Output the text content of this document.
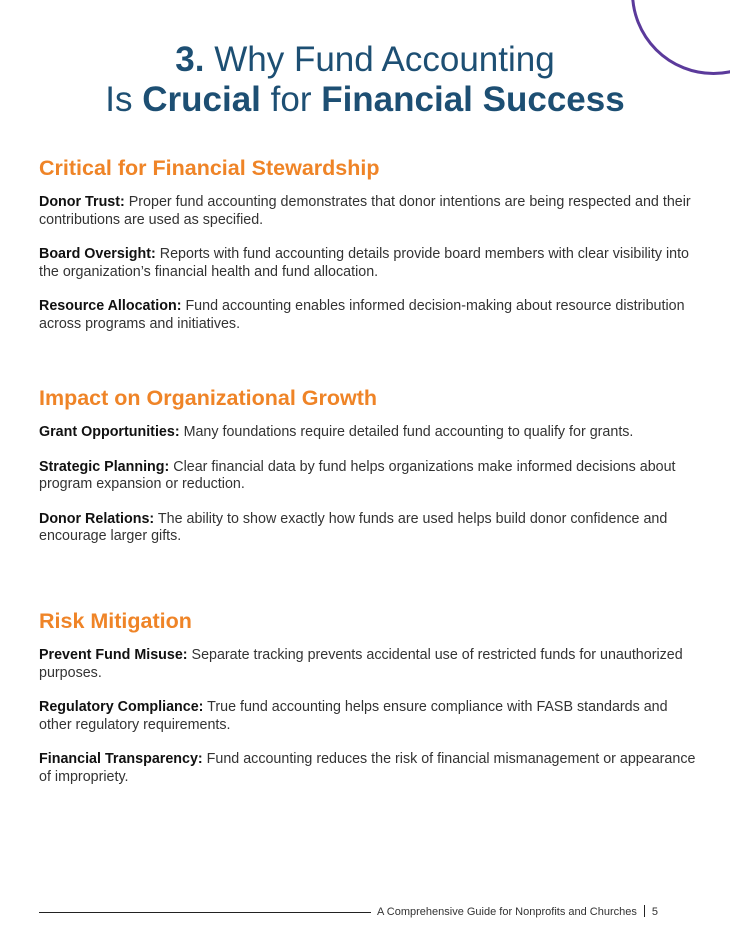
3. Why Fund Accounting
Is Crucial for Financial Success
Critical for Financial Stewardship

Donor Trust: Proper fund accounting demonstrates that donor intentions are being respected and their contributions are used as specified.

Board Oversight: Reports with fund accounting details provide board members with clear visibility into the organization’s financial health and fund allocation.

Resource Allocation: Fund accounting enables informed decision-making about resource distribution across programs and initiatives.

Impact on Organizational Growth

Grant Opportunities: Many foundations require detailed fund accounting to qualify for grants.

Strategic Planning: Clear financial data by fund helps organizations make informed decisions about program expansion or reduction.

Donor Relations: The ability to show exactly how funds are used helps build donor confidence and encourage larger gifts.

Risk Mitigation

Prevent Fund Misuse: Separate tracking prevents accidental use of restricted funds for unauthorized purposes.

Regulatory Compliance: True fund accounting helps ensure compliance with FASB standards and other regulatory requirements.

Financial Transparency: Fund accounting reduces the risk of financial mismanagement or appearance of impropriety.

A Comprehensive Guide for Nonprofits and Churches 5
